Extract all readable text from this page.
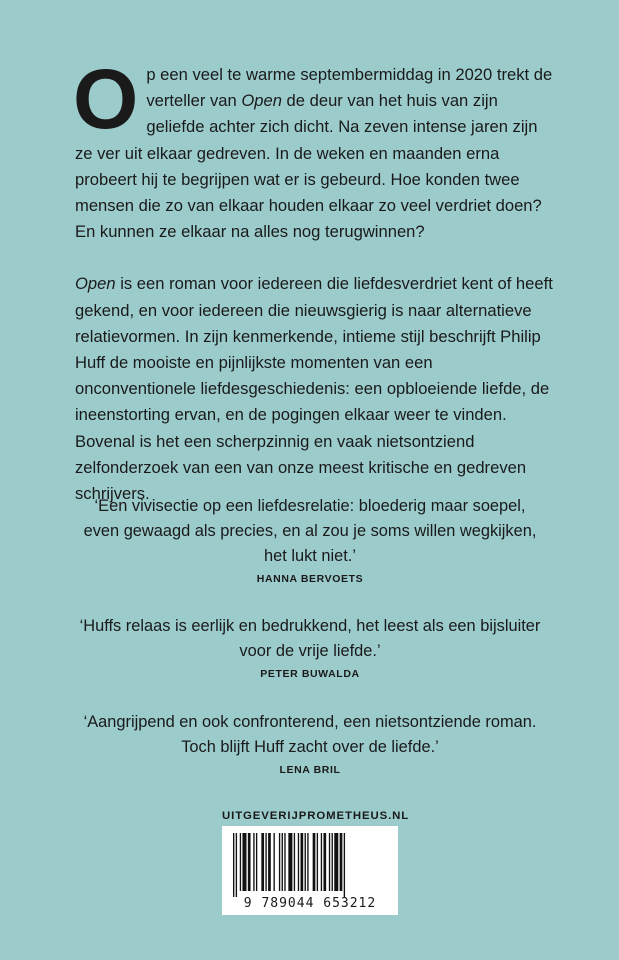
Op een veel te warme septembermiddag in 2020 trekt de verteller van Open de deur van het huis van zijn geliefde achter zich dicht. Na zeven intense jaren zijn ze ver uit elkaar gedreven. In de weken en maanden erna probeert hij te begrijpen wat er is gebeurd. Hoe konden twee mensen die zo van elkaar houden elkaar zo veel verdriet doen? En kunnen ze elkaar na alles nog terugwinnen?

Open is een roman voor iedereen die liefdesverdriet kent of heeft gekend, en voor iedereen die nieuwsgierig is naar alternatieve relatievormen. In zijn kenmerkende, intieme stijl beschrijft Philip Huff de mooiste en pijnlijkste momenten van een onconventionele liefdesgeschiedenis: een opbloeiende liefde, de ineenstorting ervan, en de pogingen elkaar weer te vinden. Bovenal is het een scherpzinnig en vaak nietsontziend zelfonderzoek van een van onze meest kritische en gedreven schrijvers.

‘Een vivisectie op een liefdesrelatie: bloederig maar soepel,
even gewaagd als precies, en al zou je soms willen wegkijken,
het lukt niet.’

HANNA BERVOETS

‘Huffs relaas is eerlijk en bedrukkend, het leest als een bijsluiter
voor de vrije liefde.’

PETER BUWALDA

‘Aangrijpend en ook confronterend, een nietsontziende roman.
Toch blijft Huff zacht over de liefde.’

LENA BRIL
UITGEVERIJPROMETHEUS.NL
9 789044 653212
